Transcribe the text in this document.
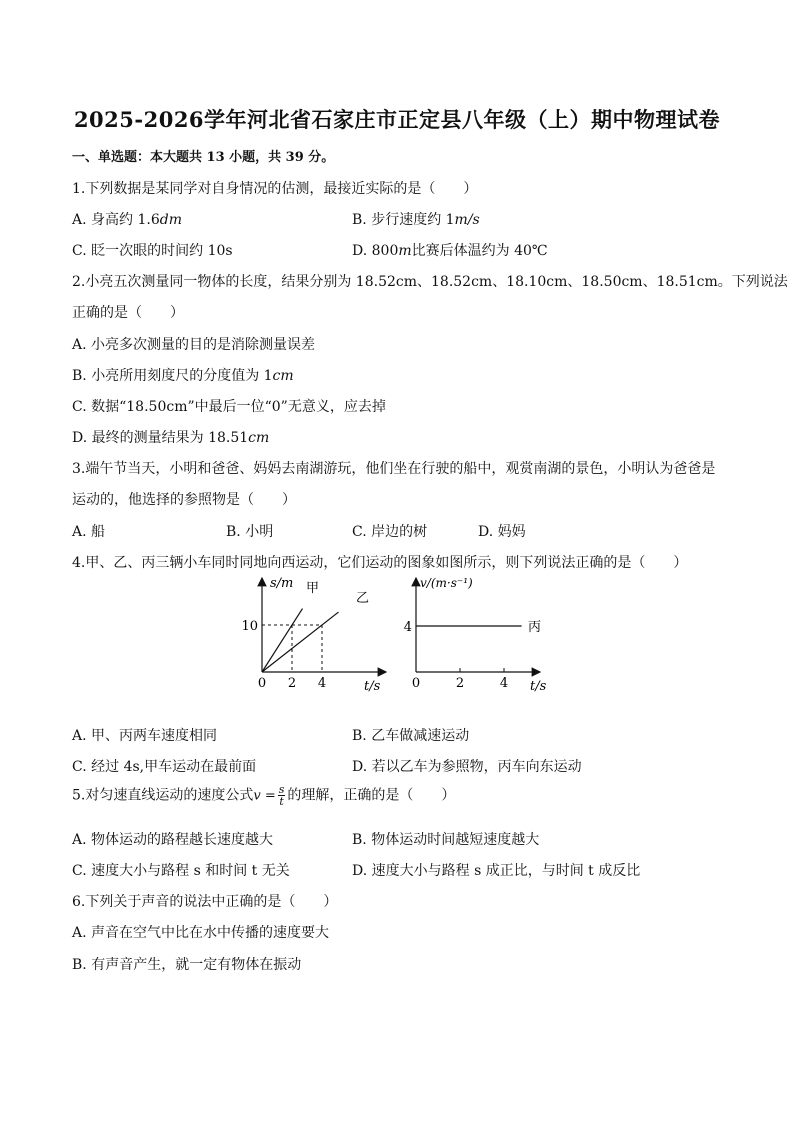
2025-2026学年河北省石家庄市正定县八年级（上）期中物理试卷
一、单选题：本大题共 13 小题，共 39 分。
1.下列数据是某同学对自身情况的估测，最接近实际的是（　　）
A. 身高约 1.6dm	B. 步行速度约 1m/s
C. 眨一次眼的时间约 10s	D. 800m比赛后体温约为 40℃
2.小亮五次测量同一物体的长度，结果分别为 18.52cm、18.52cm、18.10cm、18.50cm、18.51cm。下列说法
正确的是（　　）
A. 小亮多次测量的目的是消除测量误差
B. 小亮所用刻度尺的分度值为 1cm
C. 数据“18.50cm”中最后一位“0”无意义，应去掉
D. 最终的测量结果为 18.51cm
3.端午节当天，小明和爸爸、妈妈去南湖游玩，他们坐在行驶的船中，观赏南湖的景色，小明认为爸爸是
运动的，他选择的参照物是（　　）
A. 船	B. 小明	C. 岸边的树	D. 妈妈
4.甲、乙、丙三辆小车同时同地向西运动，它们运动的图象如图所示，则下列说法正确的是（　　）
0 2 4
10
s/m
t/s
甲
乙
0	2	4
4
v/(m·s⁻¹)
t/s
丙
A. 甲、丙两车速度相同	B. 乙车做减速运动
C. 经过 4s,甲车运动在最前面	D. 若以乙车为参照物，丙车向东运动
5.对匀速直线运动的速度公式$v = \frac{s}{t}$ 的理解，正确的是（　　）
A. 物体运动的路程越长速度越大	B. 物体运动时间越短速度越大
C. 速度大小与路程 s 和时间 t 无关	D. 速度大小与路程 s 成正比，与时间 t 成反比
6.下列关于声音的说法中正确的是（　　）
A. 声音在空气中比在水中传播的速度要大
B. 有声音产生，就一定有物体在振动
